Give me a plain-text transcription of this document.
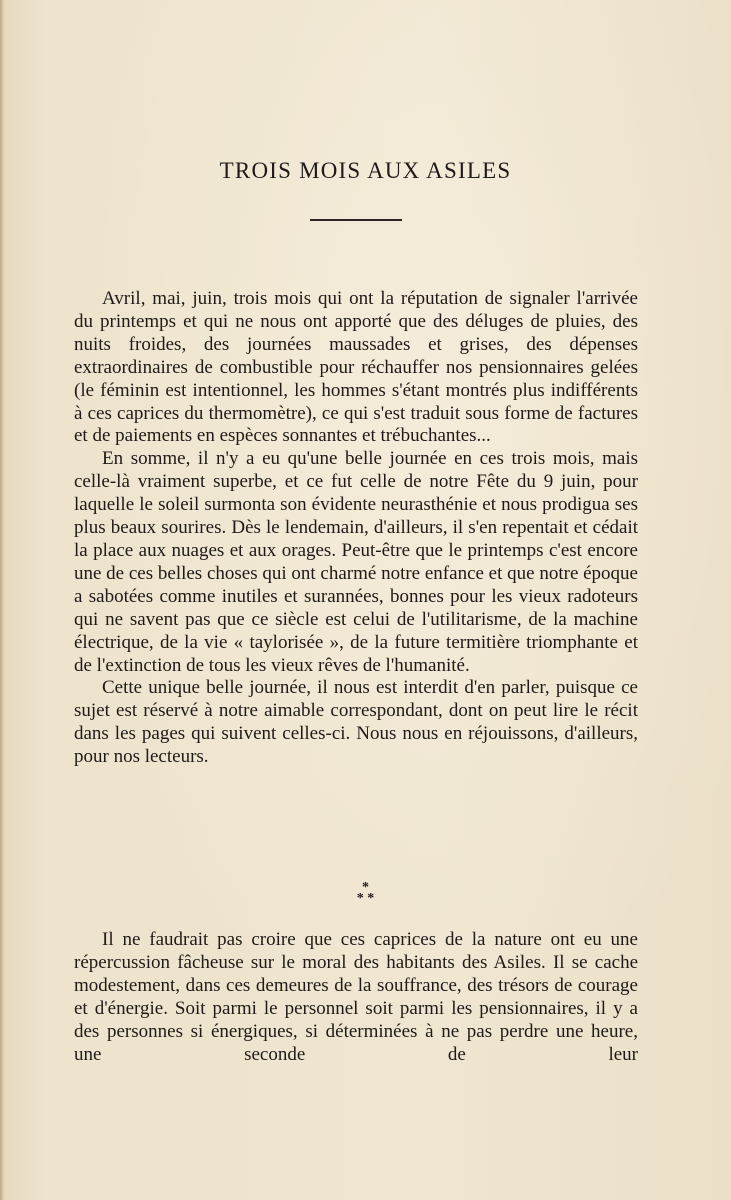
TROIS MOIS AUX ASILES

Avril, mai, juin, trois mois qui ont la réputation de signaler l'arrivée du printemps et qui ne nous ont apporté que des déluges de pluies, des nuits froides, des journées maussades et grises, des dépenses extraordinaires de combustible pour réchauffer nos pensionnaires gelées (le féminin est intentionnel, les hommes s'étant montrés plus indifférents à ces caprices du thermomètre), ce qui s'est traduit sous forme de factures et de paiements en espèces sonnantes et trébuchantes...

En somme, il n'y a eu qu'une belle journée en ces trois mois, mais celle-là vraiment superbe, et ce fut celle de notre Fête du 9 juin, pour laquelle le soleil surmonta son évidente neurasthénie et nous prodigua ses plus beaux sourires. Dès le lendemain, d'ailleurs, il s'en repentait et cédait la place aux nuages et aux orages. Peut-être que le printemps c'est encore une de ces belles choses qui ont charmé notre enfance et que notre époque a sabotées comme inutiles et surannées, bonnes pour les vieux radoteurs qui ne savent pas que ce siècle est celui de l'utilitarisme, de la machine électrique, de la vie « taylorisée », de la future termitière triomphante et de l'extinction de tous les vieux rêves de l'humanité.

Cette unique belle journée, il nous est interdit d'en parler, puisque ce sujet est réservé à notre aimable correspondant, dont on peut lire le récit dans les pages qui suivent celles-ci. Nous nous en réjouissons, d'ailleurs, pour nos lecteurs.

*
* *

Il ne faudrait pas croire que ces caprices de la nature ont eu une répercussion fâcheuse sur le moral des habitants des Asiles. Il se cache modestement, dans ces demeures de la souffrance, des trésors de courage et d'énergie. Soit parmi le personnel soit parmi les pensionnaires, il y a des personnes si énergiques, si déterminées à ne pas perdre une heure, une seconde de leur
